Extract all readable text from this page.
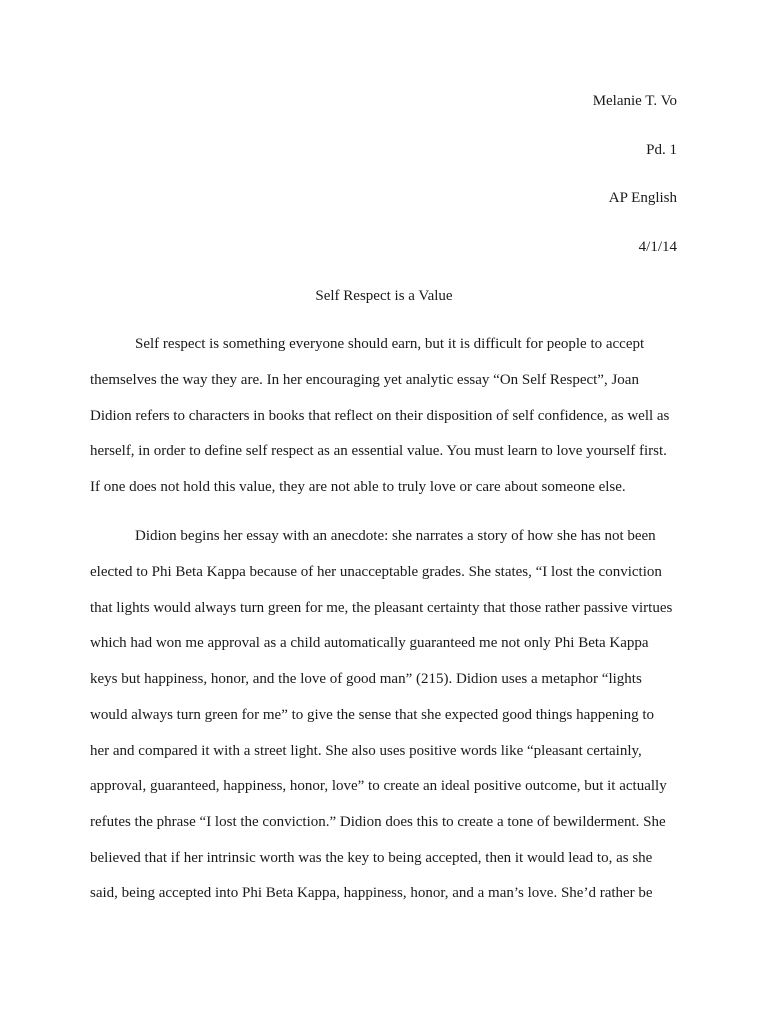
Melanie T. Vo
Pd. 1
AP English
4/1/14
Self Respect is a Value
Self respect is something everyone should earn, but it is difficult for people to accept
themselves the way they are. In her encouraging yet analytic essay “On Self Respect”, Joan
Didion refers to characters in books that reflect on their disposition of self confidence, as well as
herself, in order to define self respect as an essential value. You must learn to love yourself first.
If one does not hold this value, they are not able to truly love or care about someone else.
Didion begins her essay with an anecdote: she narrates a story of how she has not been
elected to Phi Beta Kappa because of her unacceptable grades. She states, “I lost the conviction
that lights would always turn green for me, the pleasant certainty that those rather passive virtues
which had won me approval as a child automatically guaranteed me not only Phi Beta Kappa
keys but happiness, honor, and the love of good man” (215). Didion uses a metaphor “lights
would always turn green for me” to give the sense that she expected good things happening to
her and compared it with a street light. She also uses positive words like “pleasant certainly,
approval, guaranteed, happiness, honor, love” to create an ideal positive outcome, but it actually
refutes the phrase “I lost the conviction.” Didion does this to create a tone of bewilderment. She
believed that if her intrinsic worth was the key to being accepted, then it would lead to, as she
said, being accepted into Phi Beta Kappa, happiness, honor, and a man’s love. She’d rather be
